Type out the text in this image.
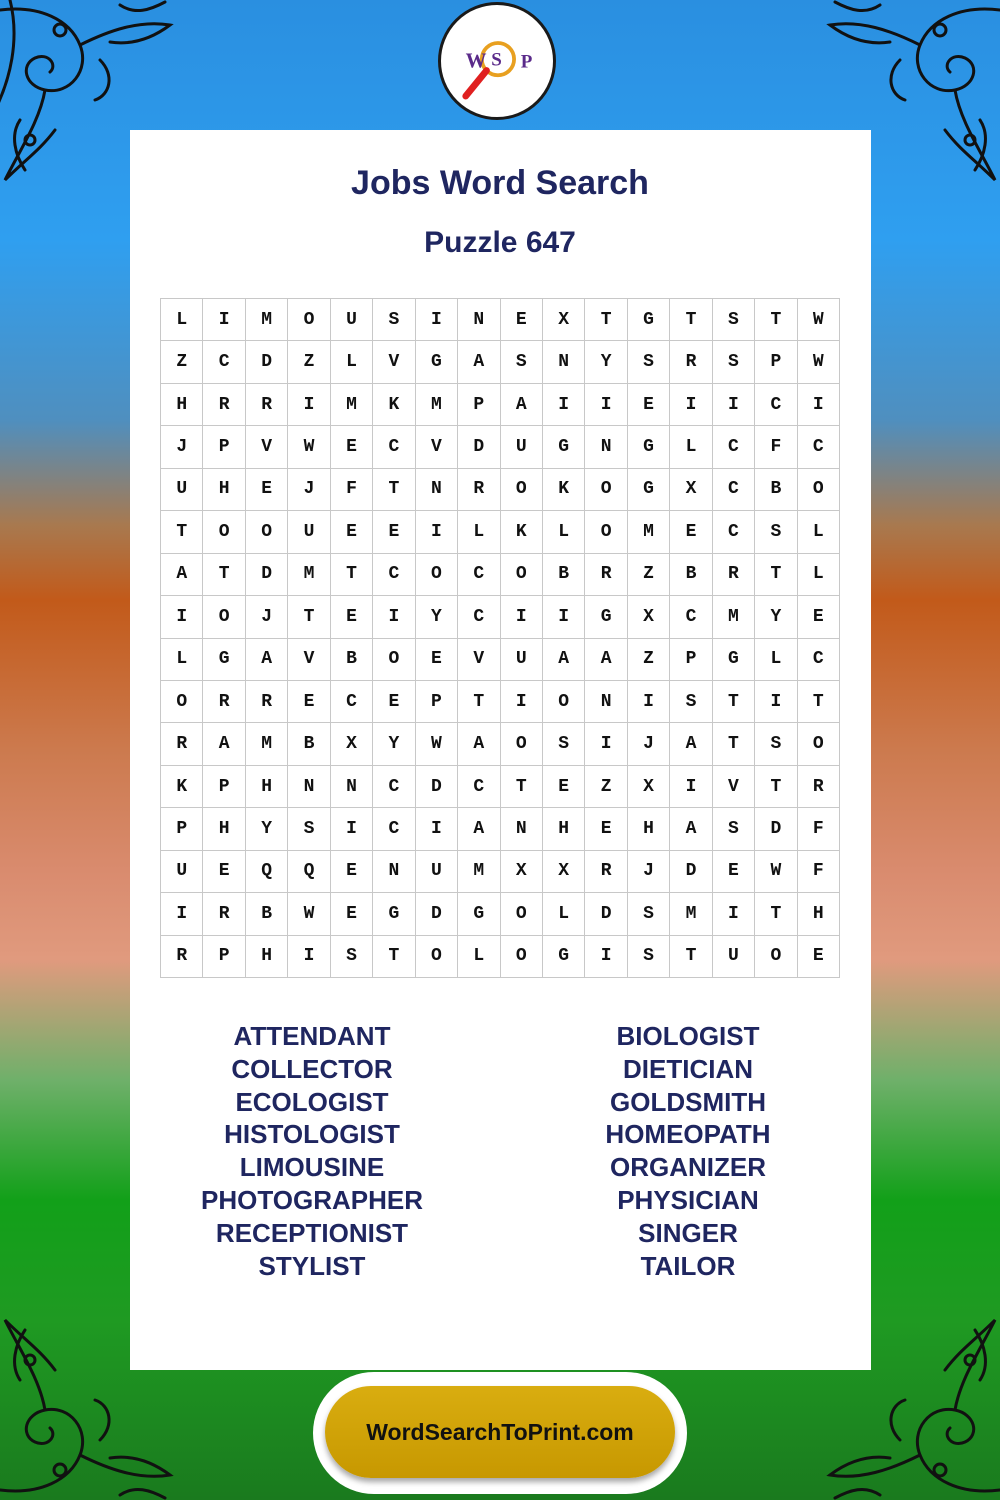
W S P
Jobs Word Search
Puzzle 647
L	I	M	O	U	S	I	N	E	X	T	G	T	S	T	W
Z	C	D	Z	L	V	G	A	S	N	Y	S	R	S	P	W
H	R	R	I	M	K	M	P	A	I	I	E	I	I	C	I
J	P	V	W	E	C	V	D	U	G	N	G	L	C	F	C
U	H	E	J	F	T	N	R	O	K	O	G	X	C	B	O
T	O	O	U	E	E	I	L	K	L	O	M	E	C	S	L
A	T	D	M	T	C	O	C	O	B	R	Z	B	R	T	L
I	O	J	T	E	I	Y	C	I	I	G	X	C	M	Y	E
L	G	A	V	B	O	E	V	U	A	A	Z	P	G	L	C
O	R	R	E	C	E	P	T	I	O	N	I	S	T	I	T
R	A	M	B	X	Y	W	A	O	S	I	J	A	T	S	O
K	P	H	N	N	C	D	C	T	E	Z	X	I	V	T	R
P	H	Y	S	I	C	I	A	N	H	E	H	A	S	D	F
U	E	Q	Q	E	N	U	M	X	X	R	J	D	E	W	F
I	R	B	W	E	G	D	G	O	L	D	S	M	I	T	H
R	P	H	I	S	T	O	L	O	G	I	S	T	U	O	E
ATTENDANT
COLLECTOR
ECOLOGIST
HISTOLOGIST
LIMOUSINE
PHOTOGRAPHER
RECEPTIONIST
STYLIST
BIOLOGIST
DIETICIAN
GOLDSMITH
HOMEOPATH
ORGANIZER
PHYSICIAN
SINGER
TAILOR
WordSearchToPrint.com
